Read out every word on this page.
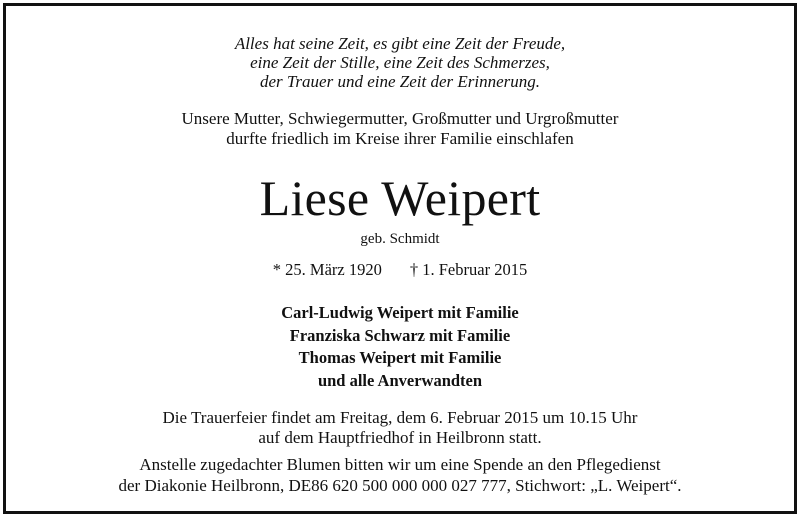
Alles hat seine Zeit, es gibt eine Zeit der Freude,
eine Zeit der Stille, eine Zeit des Schmerzes,
der Trauer und eine Zeit der Erinnerung.
Unsere Mutter, Schwiegermutter, Großmutter und Urgroßmutter
durfte friedlich im Kreise ihrer Familie einschlafen
Liese Weipert
geb. Schmidt
* 25. März 1920 † 1. Februar 2015
Carl-Ludwig Weipert mit Familie
Franziska Schwarz mit Familie
Thomas Weipert mit Familie
und alle Anverwandten
Die Trauerfeier findet am Freitag, dem 6. Februar 2015 um 10.15 Uhr
auf dem Hauptfriedhof in Heilbronn statt.
Anstelle zugedachter Blumen bitten wir um eine Spende an den Pflegedienst
der Diakonie Heilbronn, DE86 620 500 000 000 027 777, Stichwort: „L. Weipert“.
